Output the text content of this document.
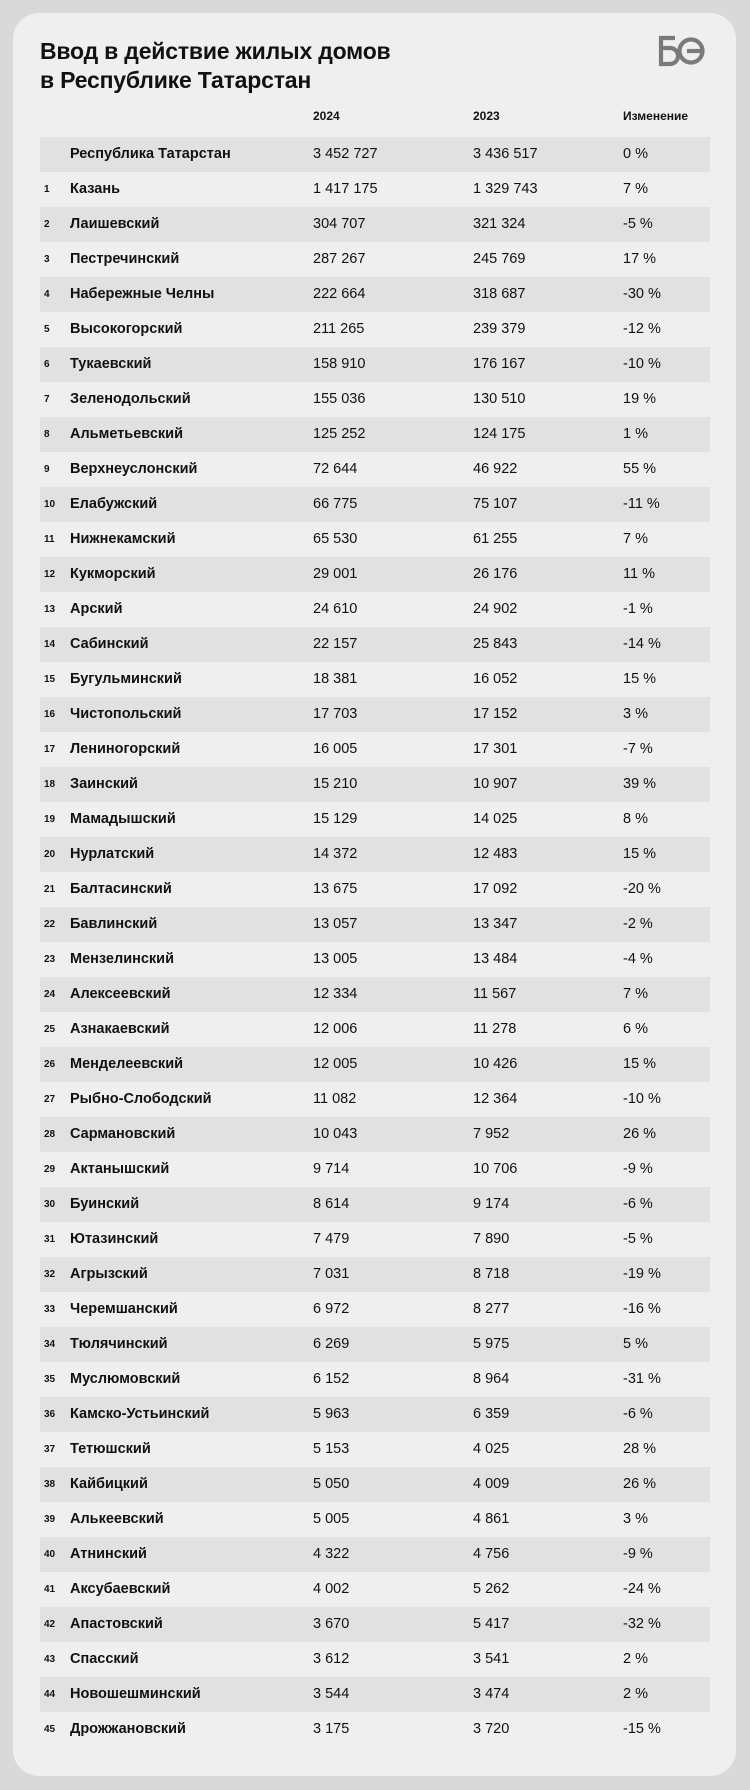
Ввод в действие жилых домов
в Республике Татарстан
2024	2023	Изменение
Республика Татарстан	3 452 727	3 436 517	0 %
1 Казань	1 417 175	1 329 743	7 %
2 Лаишевский	304 707	321 324	-5 %
3 Пестречинский	287 267	245 769	17 %
4 Набережные Челны	222 664	318 687	-30 %
5 Высокогорский	211 265	239 379	-12 %
6 Тукаевский	158 910	176 167	-10 %
7 Зеленодольский	155 036	130 510	19 %
8 Альметьевский	125 252	124 175	1 %
9 Верхнеуслонский	72 644	46 922	55 %
10 Елабужский	66 775	75 107	-11 %
11 Нижнекамский	65 530	61 255	7 %
12 Кукморский	29 001	26 176	11 %
13 Арский	24 610	24 902	-1 %
14 Сабинский	22 157	25 843	-14 %
15 Бугульминский	18 381	16 052	15 %
16 Чистопольский	17 703	17 152	3 %
17 Лениногорский	16 005	17 301	-7 %
18 Заинский	15 210	10 907	39 %
19 Мамадышский	15 129	14 025	8 %
20 Нурлатский	14 372	12 483	15 %
21 Балтасинский	13 675	17 092	-20 %
22 Бавлинский	13 057	13 347	-2 %
23 Мензелинский	13 005	13 484	-4 %
24 Алексеевский	12 334	11 567	7 %
25 Азнакаевский	12 006	11 278	6 %
26 Менделеевский	12 005	10 426	15 %
27 Рыбно-Слободский	11 082	12 364	-10 %
28 Сармановский	10 043	7 952	26 %
29 Актанышский	9 714	10 706	-9 %
30 Буинский	8 614	9 174	-6 %
31 Ютазинский	7 479	7 890	-5 %
32 Агрызский	7 031	8 718	-19 %
33 Черемшанский	6 972	8 277	-16 %
34 Тюлячинский	6 269	5 975	5 %
35 Муслюмовский	6 152	8 964	-31 %
36 Камско-Устьинский	5 963	6 359	-6 %
37 Тетюшский	5 153	4 025	28 %
38 Кайбицкий	5 050	4 009	26 %
39 Алькеевский	5 005	4 861	3 %
40 Атнинский	4 322	4 756	-9 %
41 Аксубаевский	4 002	5 262	-24 %
42 Апастовский	3 670	5 417	-32 %
43 Спасский	3 612	3 541	2 %
44 Новошешминский	3 544	3 474	2 %
45 Дрожжановский	3 175	3 720	-15 %
